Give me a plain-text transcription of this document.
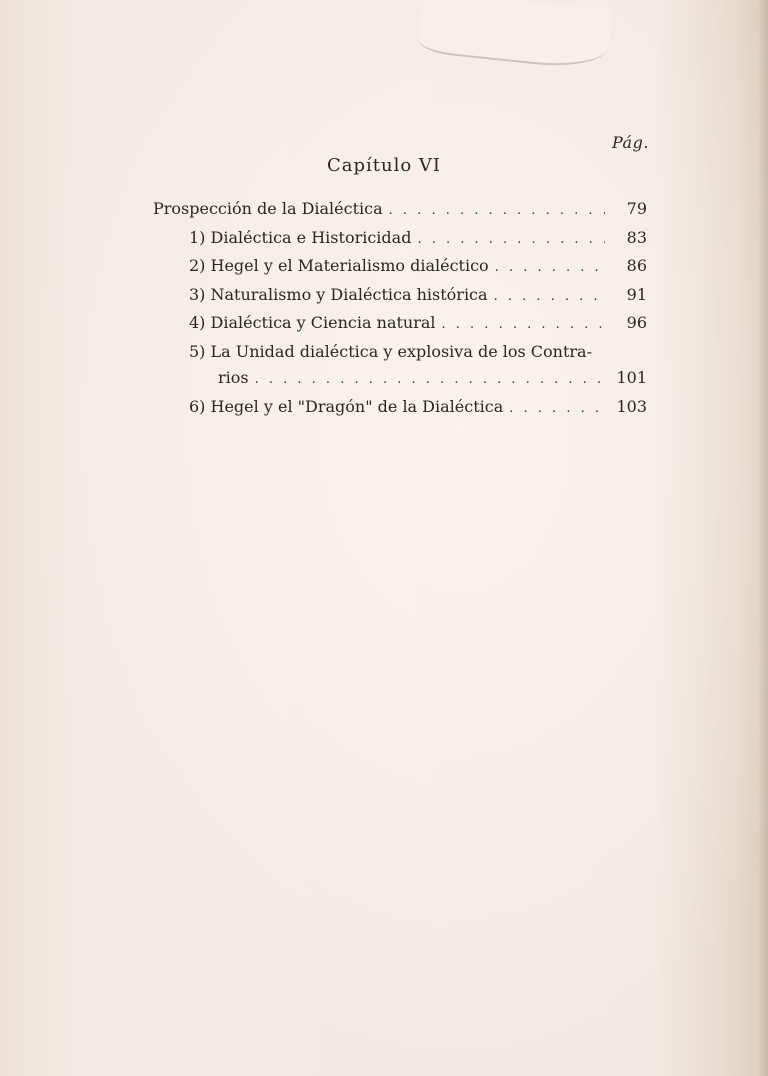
Pág.
Capítulo VI
Prospección de la Dialéctica . . .	79
1) Dialéctica e Historicidad . . .	83
2) Hegel y el Materialismo dialéctico . . .	86
3) Naturalismo y Dialéctica histórica . . .	91
4) Dialéctica y Ciencia natural . . .	96
5) La Unidad dialéctica y explosiva de los Contra-
rios . . .	101
6) Hegel y el "Dragón" de la Dialéctica . . .	103
